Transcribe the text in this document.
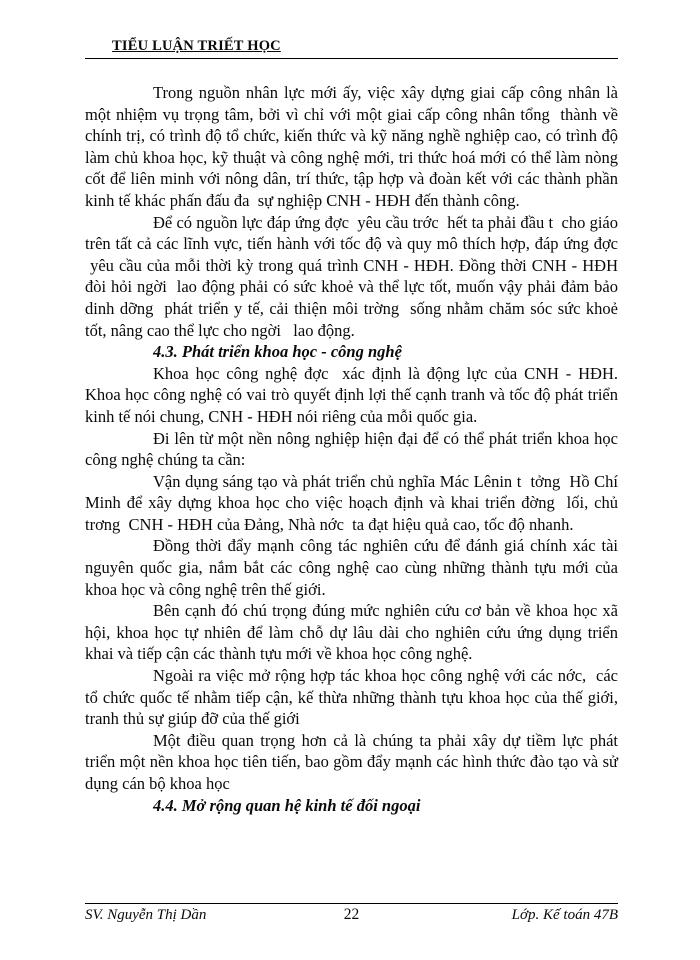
TIỂU LUẬN TRIẾT HỌC

Trong nguồn nhân lực mới ấy, việc xây dựng giai cấp công nhân là một nhiệm vụ trọng tâm, bởi vì chỉ với một giai cấp công nhân tổng  thành về chính trị, có trình độ tổ chức, kiến thức và kỹ năng nghề nghiệp cao, có trình độ làm chủ khoa học, kỹ thuật và công nghệ mới, tri thức hoá mới có thể làm nòng cốt để liên minh với nông dân, trí thức, tập hợp và đoàn kết với các thành phần kinh tế khác phấn đấu đa  sự nghiệp CNH - HĐH đến thành công.

Để có nguồn lực đáp ứng đợc  yêu cầu trớc  hết ta phải đầu t  cho giáo trên tất cả các lĩnh vực, tiến hành với tốc độ và quy mô thích hợp, đáp ứng đợc  yêu cầu của mỗi thời kỳ trong quá trình CNH - HĐH. Đồng thời CNH - HĐH đòi hỏi ngời  lao động phải có sức khoẻ và thể lực tốt, muốn vậy phải đảm bảo dinh dỡng  phát triển y tế, cải thiện môi trờng  sống nhằm chăm sóc sức khoẻ tốt, nâng cao thể lực cho ngời   lao động.

4.3. Phát triển khoa học - công nghệ

Khoa học công nghệ đợc  xác định là động lực của CNH - HĐH. Khoa học công nghệ có vai trò quyết định lợi thế cạnh tranh và tốc độ phát triển kinh tế nói chung, CNH - HĐH nói riêng của mỗi quốc gia.

Đi lên từ một nền nông nghiệp hiện đại để có thể phát triển khoa học công nghệ chúng ta cần:

Vận dụng sáng tạo và phát triển chủ nghĩa Mác Lênin t  tởng  Hồ Chí Minh để xây dựng khoa học cho việc hoạch định và khai triển đờng  lối, chủ trơng  CNH - HĐH của Đảng, Nhà nớc  ta đạt hiệu quả cao, tốc độ nhanh.

Đồng thời đẩy mạnh công tác nghiên cứu để đánh giá chính xác tài nguyên quốc gia, nắm bắt các công nghệ cao cùng những thành tựu mới của khoa học và công nghệ trên thế giới.

Bên cạnh đó chú trọng đúng mức nghiên cứu cơ bản về khoa học xã hội, khoa học tự nhiên để làm chỗ dự lâu dài cho nghiên cứu ứng dụng triển khai và tiếp cận các thành tựu mới về khoa học công nghệ.

Ngoài ra việc mở rộng hợp tác khoa học công nghệ với các nớc,  các tổ chức quốc tế nhằm tiếp cận, kế thừa những thành tựu khoa học của thế giới, tranh thủ sự giúp đỡ của thế giới

Một điều quan trọng hơn cả là chúng ta phải xây dự tiềm lực phát triển một nền khoa học tiên tiến, bao gồm đẩy mạnh các hình thức đào tạo và sử dụng cán bộ khoa học

4.4. Mở rộng quan hệ kinh tế đối ngoại

SV. Nguyễn Thị Dần	22	Lớp. Kế toán 47B
